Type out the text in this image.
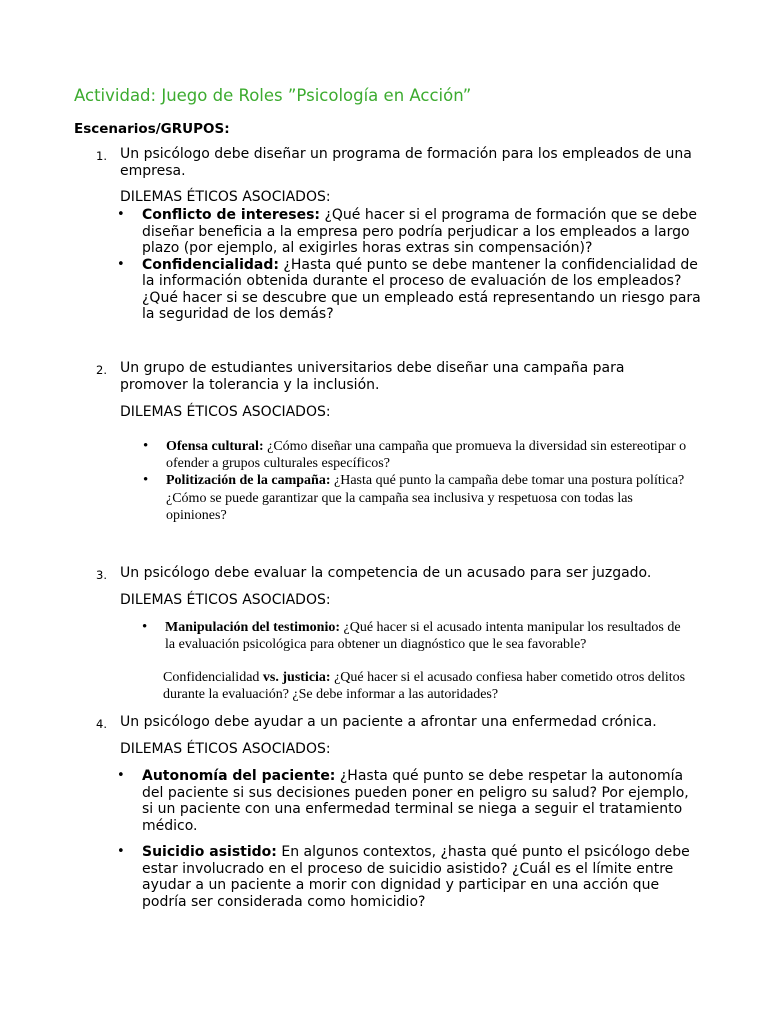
Actividad: Juego de Roles ”Psicología en Acción”

Escenarios/GRUPOS:

1. Un psicólogo debe diseñar un programa de formación para los empleados de una empresa.

DILEMAS ÉTICOS ASOCIADOS:

• Conflicto de intereses: ¿Qué hacer si el programa de formación que se debe diseñar beneficia a la empresa pero podría perjudicar a los empleados a largo plazo (por ejemplo, al exigirles horas extras sin compensación)?
• Confidencialidad: ¿Hasta qué punto se debe mantener la confidencialidad de la información obtenida durante el proceso de evaluación de los empleados? ¿Qué hacer si se descubre que un empleado está representando un riesgo para la seguridad de los demás?
2. Un grupo de estudiantes universitarios debe diseñar una campaña para promover la tolerancia y la inclusión.

DILEMAS ÉTICOS ASOCIADOS:

• Ofensa cultural: ¿Cómo diseñar una campaña que promueva la diversidad sin estereotipar o ofender a grupos culturales específicos?
• Politización de la campaña: ¿Hasta qué punto la campaña debe tomar una postura política? ¿Cómo se puede garantizar que la campaña sea inclusiva y respetuosa con todas las opiniones?
3. Un psicólogo debe evaluar la competencia de un acusado para ser juzgado.

DILEMAS ÉTICOS ASOCIADOS:

• Manipulación del testimonio: ¿Qué hacer si el acusado intenta manipular los resultados de la evaluación psicológica para obtener un diagnóstico que le sea favorable?

Confidencialidad vs. justicia: ¿Qué hacer si el acusado confiesa haber cometido otros delitos durante la evaluación? ¿Se debe informar a las autoridades?

4. Un psicólogo debe ayudar a un paciente a afrontar una enfermedad crónica.

DILEMAS ÉTICOS ASOCIADOS:

• Autonomía del paciente: ¿Hasta qué punto se debe respetar la autonomía del paciente si sus decisiones pueden poner en peligro su salud? Por ejemplo, si un paciente con una enfermedad terminal se niega a seguir el tratamiento médico.
• Suicidio asistido: En algunos contextos, ¿hasta qué punto el psicólogo debe estar involucrado en el proceso de suicidio asistido? ¿Cuál es el límite entre ayudar a un paciente a morir con dignidad y participar en una acción que podría ser considerada como homicidio?
